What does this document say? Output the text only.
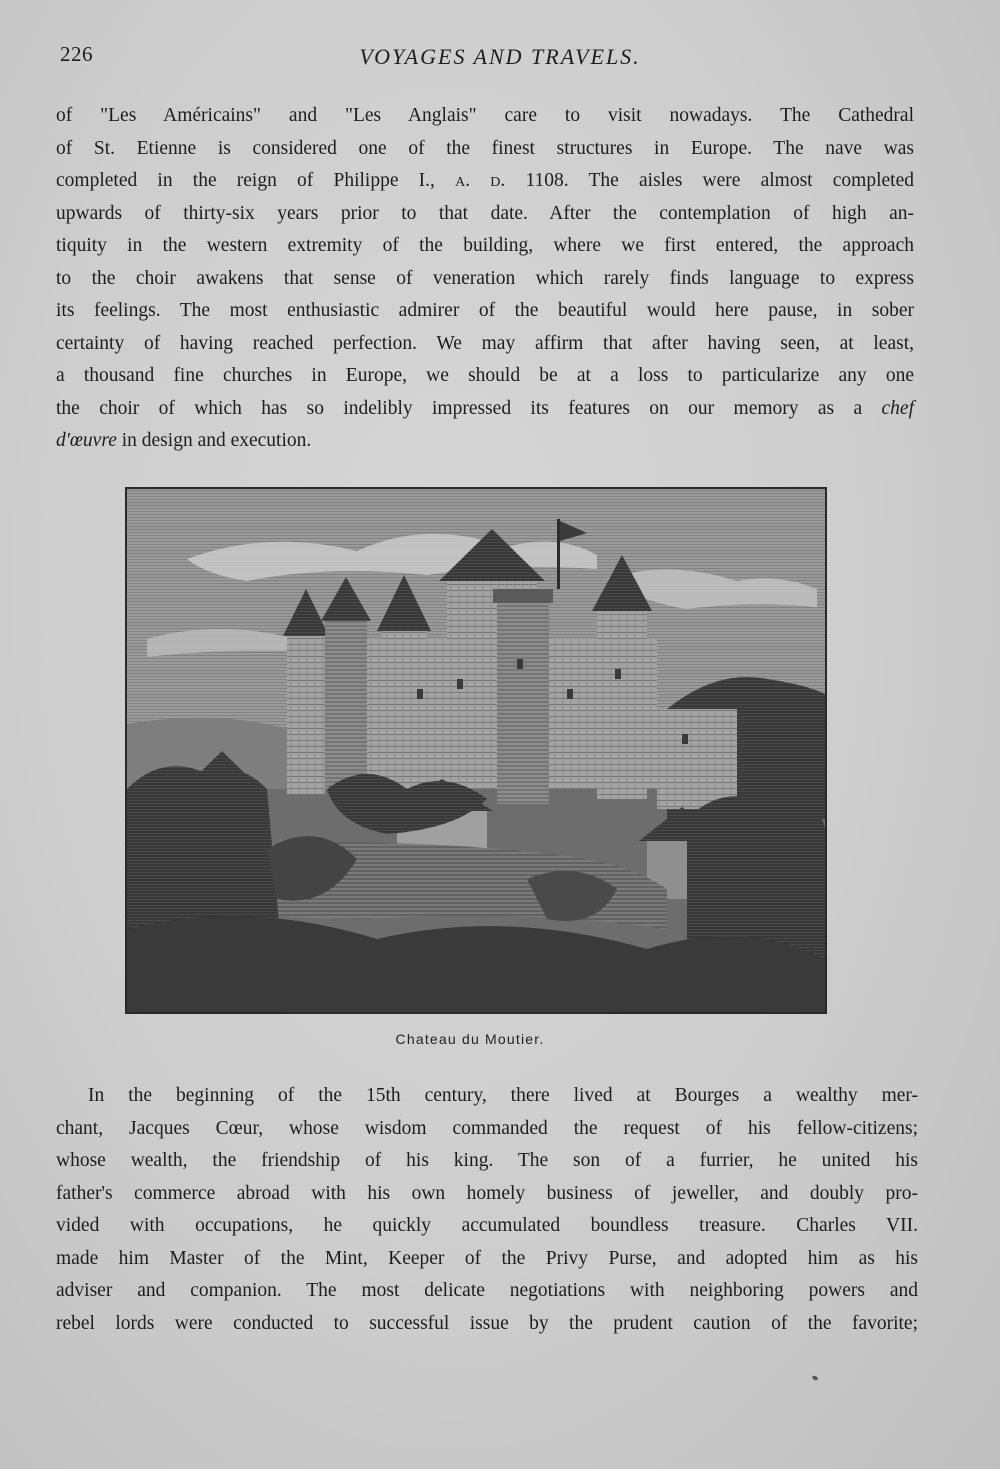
226	VOYAGES AND TRAVELS.
of "Les Américains" and "Les Anglais" care to visit nowadays. The Cathedral
of St. Etienne is considered one of the finest structures in Europe. The nave was
completed in the reign of Philippe I., a. d. 1108. The aisles were almost completed
upwards of thirty-six years prior to that date. After the contemplation of high an-
tiquity in the western extremity of the building, where we first entered, the approach
to the choir awakens that sense of veneration which rarely finds language to express
its feelings. The most enthusiastic admirer of the beautiful would here pause, in sober
certainty of having reached perfection. We may affirm that after having seen, at least,
a thousand fine churches in Europe, we should be at a loss to particularize any one
the choir of which has so indelibly impressed its features on our memory as a chef
d'œuvre in design and execution.
Chateau du Moutier.
In the beginning of the 15th century, there lived at Bourges a wealthy mer-
chant, Jacques Cœur, whose wisdom commanded the request of his fellow-citizens;
whose wealth, the friendship of his king. The son of a furrier, he united his
father's commerce abroad with his own homely business of jeweller, and doubly pro-
vided with occupations, he quickly accumulated boundless treasure. Charles VII.
made him Master of the Mint, Keeper of the Privy Purse, and adopted him as his
adviser and companion. The most delicate negotiations with neighboring powers and
rebel lords were conducted to successful issue by the prudent caution of the favorite;
